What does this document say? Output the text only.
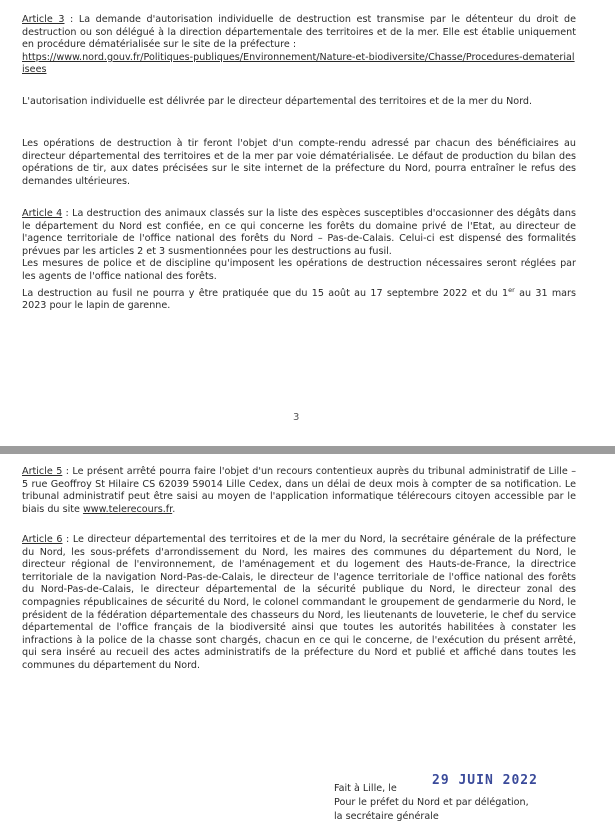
Article 3 : La demande d'autorisation individuelle de destruction est transmise par le détenteur du droit de destruction ou son délégué à la direction départementale des territoires et de la mer. Elle est établie uniquement en procédure dématérialisée sur le site de la préfecture :
https://www.nord.gouv.fr/Politiques-publiques/Environnement/Nature-et-biodiversite/Chasse/Procedures-dematerialisees

L'autorisation individuelle est délivrée par le directeur départemental des territoires et de la mer du Nord.

Les opérations de destruction à tir feront l'objet d'un compte-rendu adressé par chacun des bénéficiaires au directeur départemental des territoires et de la mer par voie dématérialisée. Le défaut de production du bilan des opérations de tir, aux dates précisées sur le site internet de la préfecture du Nord, pourra entraîner le refus des demandes ultérieures.

Article 4 : La destruction des animaux classés sur la liste des espèces susceptibles d'occasionner des dégâts dans le département du Nord est confiée, en ce qui concerne les forêts du domaine privé de l'Etat, au directeur de l'agence territoriale de l'office national des forêts du Nord – Pas-de-Calais. Celui-ci est dispensé des formalités prévues par les articles 2 et 3 susmentionnées pour les destructions au fusil.
Les mesures de police et de discipline qu'imposent les opérations de destruction nécessaires seront réglées par les agents de l'office national des forêts.
La destruction au fusil ne pourra y être pratiquée que du 15 août au 17 septembre 2022 et du 1er au 31 mars 2023 pour le lapin de garenne.

3

Article 5 : Le présent arrêté pourra faire l'objet d'un recours contentieux auprès du tribunal administratif de Lille – 5 rue Geoffroy St Hilaire CS 62039 59014 Lille Cedex, dans un délai de deux mois à compter de sa notification. Le tribunal administratif peut être saisi au moyen de l'application informatique télérecours citoyen accessible par le biais du site www.telerecours.fr.

Article 6 : Le directeur départemental des territoires et de la mer du Nord, la secrétaire générale de la préfecture du Nord, les sous-préfets d'arrondissement du Nord, les maires des communes du département du Nord, le directeur régional de l'environnement, de l'aménagement et du logement des Hauts-de-France, la directrice territoriale de la navigation Nord-Pas-de-Calais, le directeur de l'agence territoriale de l'office national des forêts du Nord-Pas-de-Calais, le directeur départemental de la sécurité publique du Nord, le directeur zonal des compagnies républicaines de sécurité du Nord, le colonel commandant le groupement de gendarmerie du Nord, le président de la fédération départementale des chasseurs du Nord, les lieutenants de louveterie, le chef du service départemental de l'office français de la biodiversité ainsi que toutes les autorités habilitées à constater les infractions à la police de la chasse sont chargés, chacun en ce qui le concerne, de l'exécution du présent arrêté, qui sera inséré au recueil des actes administratifs de la préfecture du Nord et publié et affiché dans toutes les communes du département du Nord.

Fait à Lille, le

29 JUIN 2022

Pour le préfet du Nord et par délégation,

la secrétaire générale
